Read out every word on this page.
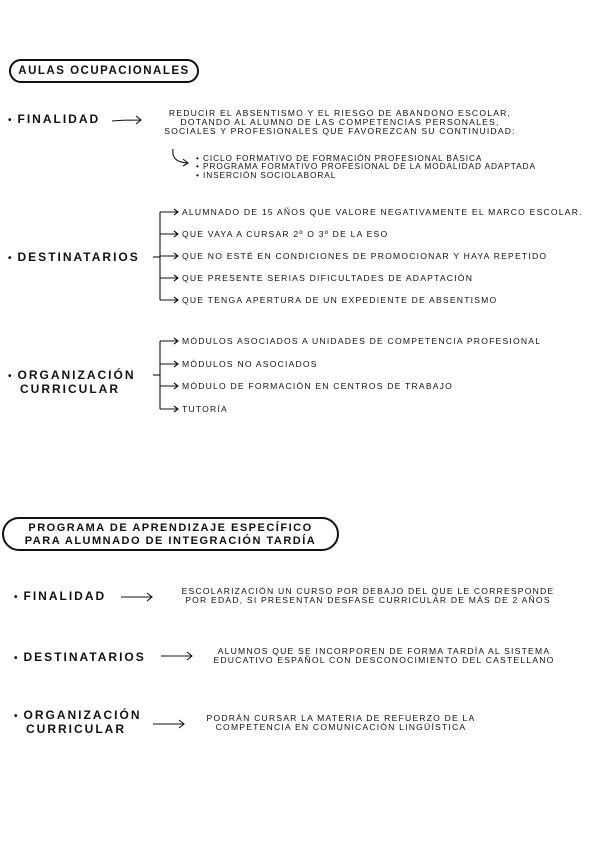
AULAS OCUPACIONALES
• FINALIDAD	REDUCIR EL ABSENTISMO Y EL RIESGO DE ABANDONO ESCOLAR,
DOTANDO AL ALUMNO DE LAS COMPETENCIAS PERSONALES,
SOCIALES Y PROFESIONALES QUE FAVOREZCAN SU CONTINUIDAD:
• CICLO FORMATIVO DE FORMACIÓN PROFESIONAL BÁSICA
• PROGRAMA FORMATIVO PROFESIONAL DE LA MODALIDAD ADAPTADA
• INSERCIÓN SOCIOLABORAL
• DESTINATARIOS
ALUMNADO DE 15 AÑOS QUE VALORE NEGATIVAMENTE EL MARCO ESCOLAR.
QUE VAYA A CURSAR 2º O 3º DE LA ESO
QUE NO ESTÉ EN CONDICIONES DE PROMOCIONAR Y HAYA REPETIDO
QUE PRESENTE SERIAS DIFICULTADES DE ADAPTACIÓN
QUE TENGA APERTURA DE UN EXPEDIENTE DE ABSENTISMO
• ORGANIZACIÓN
CURRICULAR
MÓDULOS ASOCIADOS A UNIDADES DE COMPETENCIA PROFESIONAL
MÓDULOS NO ASOCIADOS
MÓDULO DE FORMACIÓN EN CENTROS DE TRABAJO
TUTORÍA
PROGRAMA DE APRENDIZAJE ESPECÍFICO
PARA ALUMNADO DE INTEGRACIÓN TARDÍA
• FINALIDAD	ESCOLARIZACIÓN UN CURSO POR DEBAJO DEL QUE LE CORRESPONDE
POR EDAD, SI PRESENTAN DESFASE CURRICULAR DE MÁS DE 2 AÑOS
• DESTINATARIOS	ALUMNOS QUE SE INCORPOREN DE FORMA TARDÍA AL SISTEMA
EDUCATIVO ESPAÑOL CON DESCONOCIMIENTO DEL CASTELLANO
• ORGANIZACIÓN
CURRICULAR
PODRÁN CURSAR LA MATERIA DE REFUERZO DE LA
COMPETENCIA EN COMUNICACIÓN LINGÜÍSTICA
